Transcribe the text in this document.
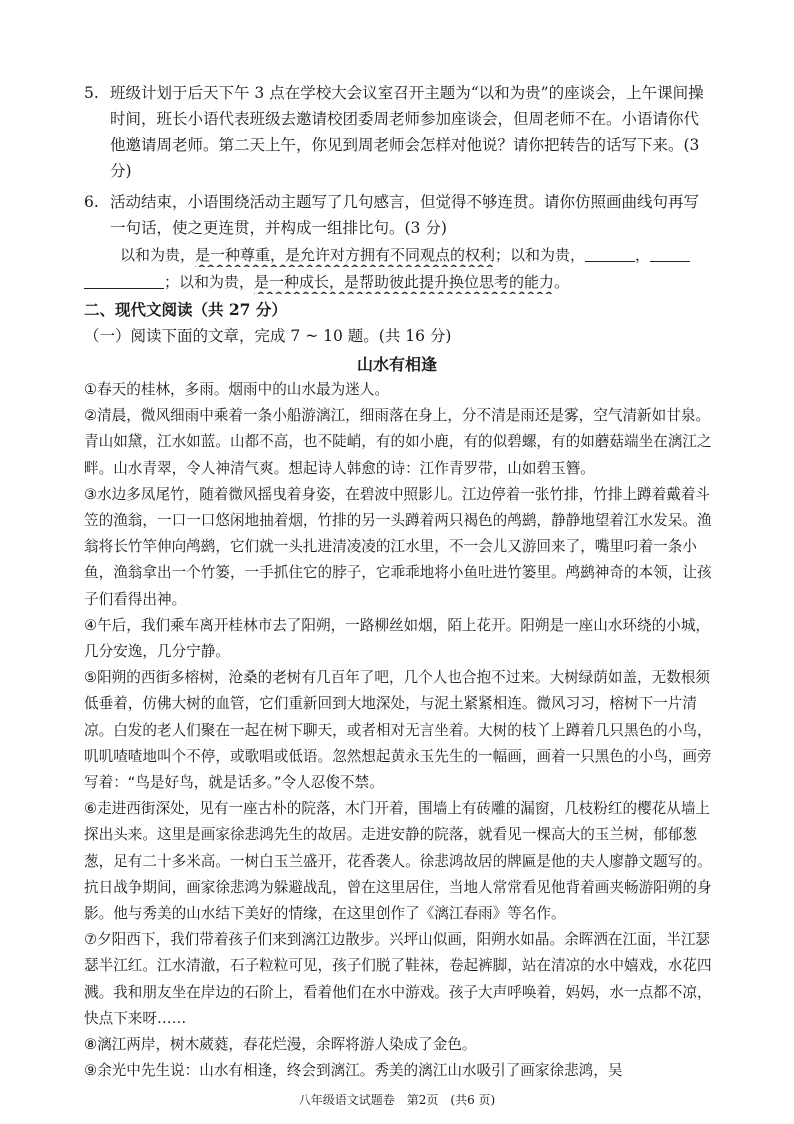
5. 班级计划于后天下午 3 点在学校大会议室召开主题为“以和为贵”的座谈会，上午课间操时间，班长小语代表班级去邀请校团委周老师参加座谈会，但周老师不在。小语请你代他邀请周老师。第二天上午，你见到周老师会怎样对他说？请你把转告的话写下来。(3 分)
6. 活动结束，小语围绕活动主题写了几句感言，但觉得不够连贯。请你仿照画曲线句再写一句话，使之更连贯，并构成一组排比句。(3 分)
以和为贵，是一种尊重，是允许对方拥有不同观点的权利；以和为贵，	，
；以和为贵，是一种成长，是帮助彼此提升换位思考的能力。
二、现代文阅读（共 27 分）
（一）阅读下面的文章，完成 7 ~ 10 题。(共 16 分)
山水有相逢

①春天的桂林，多雨。烟雨中的山水最为迷人。

②清晨，微风细雨中乘着一条小船游漓江，细雨落在身上，分不清是雨还是雾，空气清新如甘泉。青山如黛，江水如蓝。山都不高，也不陡峭，有的如小鹿，有的似碧螺，有的如蘑菇端坐在漓江之畔。山水青翠，令人神清气爽。想起诗人韩愈的诗：江作青罗带，山如碧玉簪。

③水边多凤尾竹，随着微风摇曳着身姿，在碧波中照影儿。江边停着一张竹排，竹排上蹲着戴着斗笠的渔翁，一口一口悠闲地抽着烟，竹排的另一头蹲着两只褐色的鸬鹚，静静地望着江水发呆。渔翁将长竹竿伸向鸬鹚，它们就一头扎进清凌凌的江水里，不一会儿又游回来了，嘴里叼着一条小鱼，渔翁拿出一个竹篓，一手抓住它的脖子，它乖乖地将小鱼吐进竹篓里。鸬鹚神奇的本领，让孩子们看得出神。

④午后，我们乘车离开桂林市去了阳朔，一路柳丝如烟，陌上花开。阳朔是一座山水环绕的小城，几分安逸，几分宁静。

⑤阳朔的西街多榕树，沧桑的老树有几百年了吧，几个人也合抱不过来。大树绿荫如盖，无数根须低垂着，仿佛大树的血管，它们重新回到大地深处，与泥土紧紧相连。微风习习，榕树下一片清凉。白发的老人们聚在一起在树下聊天，或者相对无言坐着。大树的枝丫上蹲着几只黑色的小鸟，叽叽喳喳地叫个不停，或歌唱或低语。忽然想起黄永玉先生的一幅画，画着一只黑色的小鸟，画旁写着：“鸟是好鸟，就是话多。”令人忍俊不禁。

⑥走进西街深处，见有一座古朴的院落，木门开着，围墙上有砖雕的漏窗，几枝粉红的樱花从墙上探出头来。这里是画家徐悲鸿先生的故居。走进安静的院落，就看见一棵高大的玉兰树，郁郁葱葱，足有二十多米高。一树白玉兰盛开，花香袭人。徐悲鸿故居的牌匾是他的夫人廖静文题写的。抗日战争期间，画家徐悲鸿为躲避战乱，曾在这里居住，当地人常常看见他背着画夹畅游阳朔的身影。他与秀美的山水结下美好的情缘，在这里创作了《漓江春雨》等名作。

⑦夕阳西下，我们带着孩子们来到漓江边散步。兴坪山似画，阳朔水如晶。余晖洒在江面，半江瑟瑟半江红。江水清澈，石子粒粒可见，孩子们脱了鞋袜，卷起裤脚，站在清凉的水中嬉戏，水花四溅。我和朋友坐在岸边的石阶上，看着他们在水中游戏。孩子大声呼唤着，妈妈，水一点都不凉，快点下来呀……

⑧漓江两岸，树木葳蕤，春花烂漫，余晖将游人染成了金色。

⑨余光中先生说：山水有相逢，终会到漓江。秀美的漓江山水吸引了画家徐悲鸿，吴

八年级语文试题卷　第2页　(共6 页)
